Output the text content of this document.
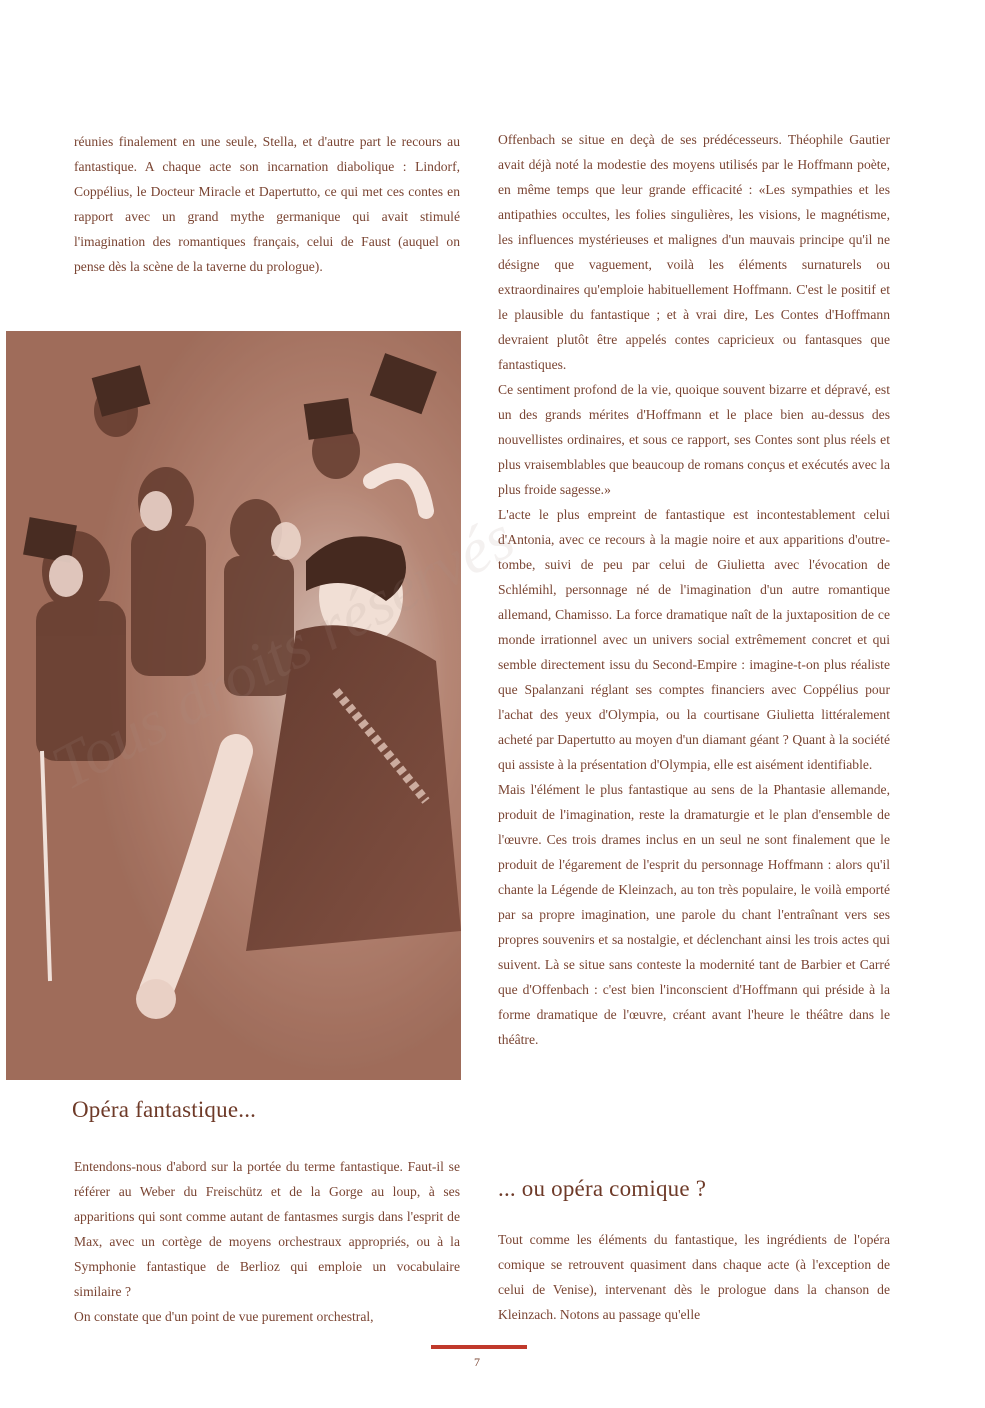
réunies finalement en une seule, Stella, et d'autre part le recours au fantastique. A chaque acte son incarnation diabolique : Lindorf, Coppélius, le Docteur Miracle et Dapertutto, ce qui met ces contes en rapport avec un grand mythe germanique qui avait stimulé l'imagination des romantiques français, celui de Faust (auquel on pense dès la scène de la taverne du prologue).

Opéra fantastique...

Entendons-nous d'abord sur la portée du terme fantastique. Faut-il se référer au Weber du Freischütz et de la Gorge au loup, à ses apparitions qui sont comme autant de fantasmes surgis dans l'esprit de Max, avec un cortège de moyens orchestraux appropriés, ou à la Symphonie fantastique de Berlioz qui emploie un vocabulaire similaire ?

On constate que d'un point de vue purement orchestral,

Offenbach se situe en deçà de ses prédécesseurs. Théophile Gautier avait déjà noté la modestie des moyens utilisés par le Hoffmann poète, en même temps que leur grande efficacité : «Les sympathies et les antipathies occultes, les folies singulières, les visions, le magnétisme, les influences mystérieuses et malignes d'un mauvais principe qu'il ne désigne que vaguement, voilà les éléments surnaturels ou extraordinaires qu'emploie habituellement Hoffmann. C'est le positif et le plausible du fantastique ; et à vrai dire, Les Contes d'Hoffmann devraient plutôt être appelés contes capricieux ou fantasques que fantastiques.

Ce sentiment profond de la vie, quoique souvent bizarre et dépravé, est un des grands mérites d'Hoffmann et le place bien au-dessus des nouvellistes ordinaires, et sous ce rapport, ses Contes sont plus réels et plus vraisemblables que beaucoup de romans conçus et exécutés avec la plus froide sagesse.»

L'acte le plus empreint de fantastique est incontestablement celui d'Antonia, avec ce recours à la magie noire et aux apparitions d'outre-tombe, suivi de peu par celui de Giulietta avec l'évocation de Schlémihl, personnage né de l'imagination d'un autre romantique allemand, Chamisso. La force dramatique naît de la juxtaposition de ce monde irrationnel avec un univers social extrêmement concret et qui semble directement issu du Second-Empire : imagine-t-on plus réaliste que Spalanzani réglant ses comptes financiers avec Coppélius pour l'achat des yeux d'Olympia, ou la courtisane Giulietta littéralement acheté par Dapertutto au moyen d'un diamant géant ? Quant à la société qui assiste à la présentation d'Olympia, elle est aisément identifiable.

Mais l'élément le plus fantastique au sens de la Phantasie allemande, produit de l'imagination, reste la dramaturgie et le plan d'ensemble de l'œuvre. Ces trois drames inclus en un seul ne sont finalement que le produit de l'égarement de l'esprit du personnage Hoffmann : alors qu'il chante la Légende de Kleinzach, au ton très populaire, le voilà emporté par sa propre imagination, une parole du chant l'entraînant vers ses propres souvenirs et sa nostalgie, et déclenchant ainsi les trois actes qui suivent. Là se situe sans conteste la modernité tant de Barbier et Carré que d'Offenbach : c'est bien l'inconscient d'Hoffmann qui préside à la forme dramatique de l'œuvre, créant avant l'heure le théâtre dans le théâtre.

... ou opéra comique ?

Tout comme les éléments du fantastique, les ingrédients de l'opéra comique se retrouvent quasiment dans chaque acte (à l'exception de celui de Venise), intervenant dès le prologue dans la chanson de Kleinzach. Notons au passage qu'elle

7
